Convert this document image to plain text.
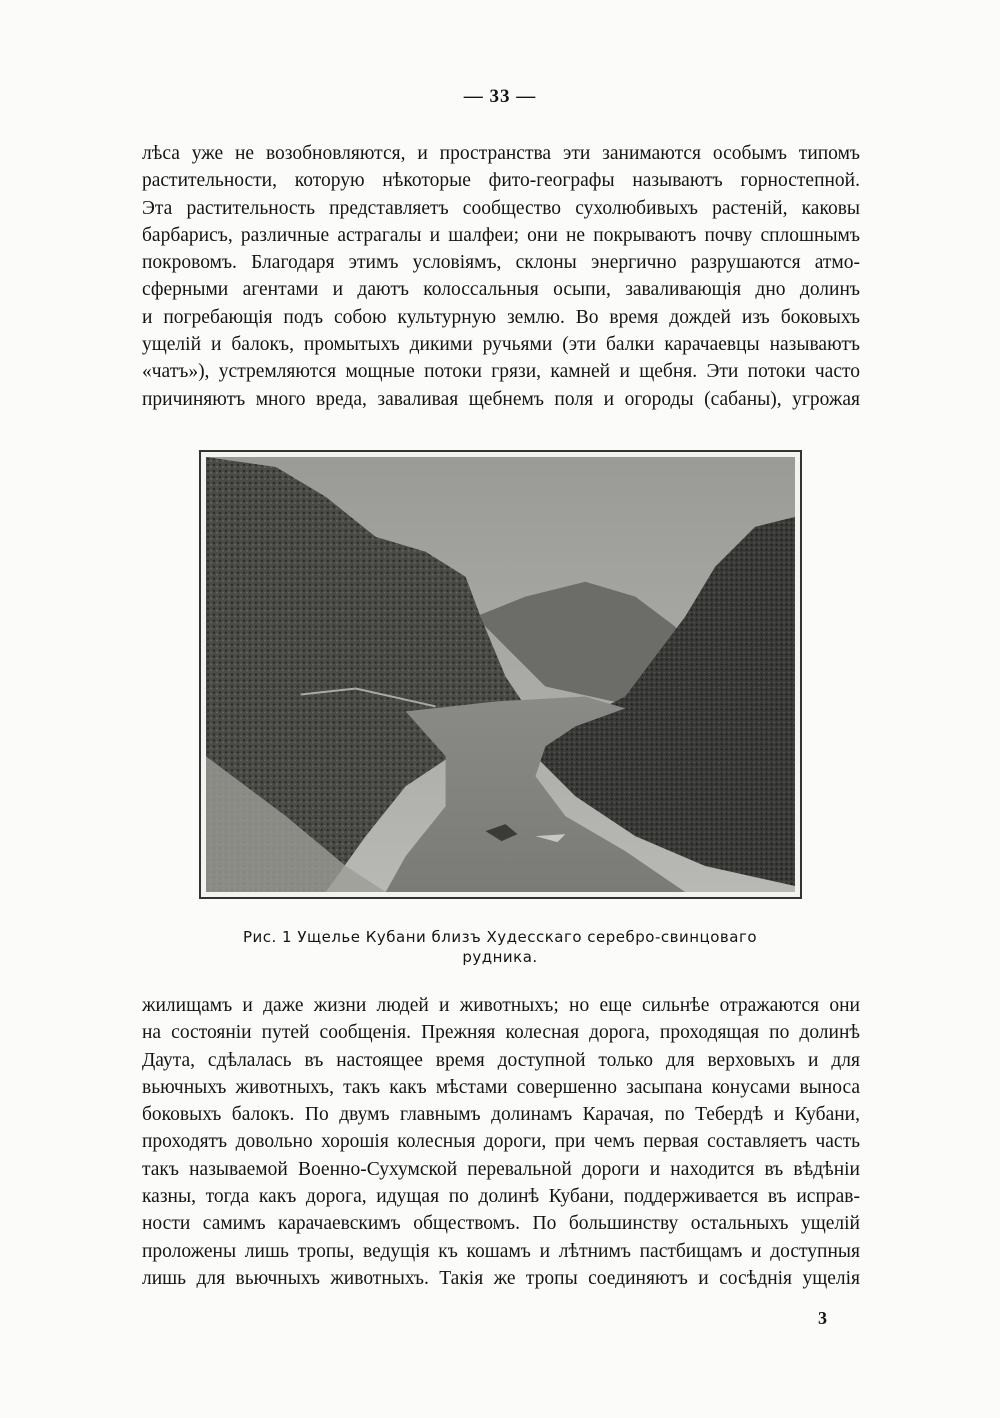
— 33 —
лѣса уже не возобновляются, и пространства эти занимаются особымъ типомъ
растительности, которую нѣкоторые фито-географы называютъ горностепной.
Эта растительность представляетъ сообщество сухолюбивыхъ растеній, каковы
барбарисъ, различные астрагалы и шалфеи; они не покрываютъ почву сплошнымъ
покровомъ. Благодаря этимъ условіямъ, склоны энергично разрушаются атмо-
сферными агентами и даютъ колоссальныя осыпи, заваливающія дно долинъ
и погребающія подъ собою культурную землю. Во время дождей изъ боковыхъ
ущелій и балокъ, промытыхъ дикими ручьями (эти балки карачаевцы называютъ
«чатъ»), устремляются мощные потоки грязи, камней и щебня. Эти потоки часто
причиняютъ много вреда, заваливая щебнемъ поля и огороды (сабаны), угрожая
Рис. 1 Ущелье Кубани близъ Худесскаго серебро-свинцоваго
рудника.
жилищамъ и даже жизни людей и животныхъ; но еще сильнѣе отражаются они
на состояніи путей сообщенія. Прежняя колесная дорога, проходящая по долинѣ
Даута, сдѣлалась въ настоящее время доступной только для верховыхъ и для
вьючныхъ животныхъ, такъ какъ мѣстами совершенно засыпана конусами выноса
боковыхъ балокъ. По двумъ главнымъ долинамъ Карачая, по Тебердѣ и Кубани,
проходятъ довольно хорошія колесныя дороги, при чемъ первая составляетъ часть
такъ называемой Военно-Сухумской перевальной дороги и находится въ вѣдѣніи
казны, тогда какъ дорога, идущая по долинѣ Кубани, поддерживается въ исправ-
ности самимъ карачаевскимъ обществомъ. По большинству остальныхъ ущелій
проложены лишь тропы, ведущія къ кошамъ и лѣтнимъ пастбищамъ и доступныя
лишь для вьючныхъ животныхъ. Такія же тропы соединяютъ и сосѣднія ущелія
3
